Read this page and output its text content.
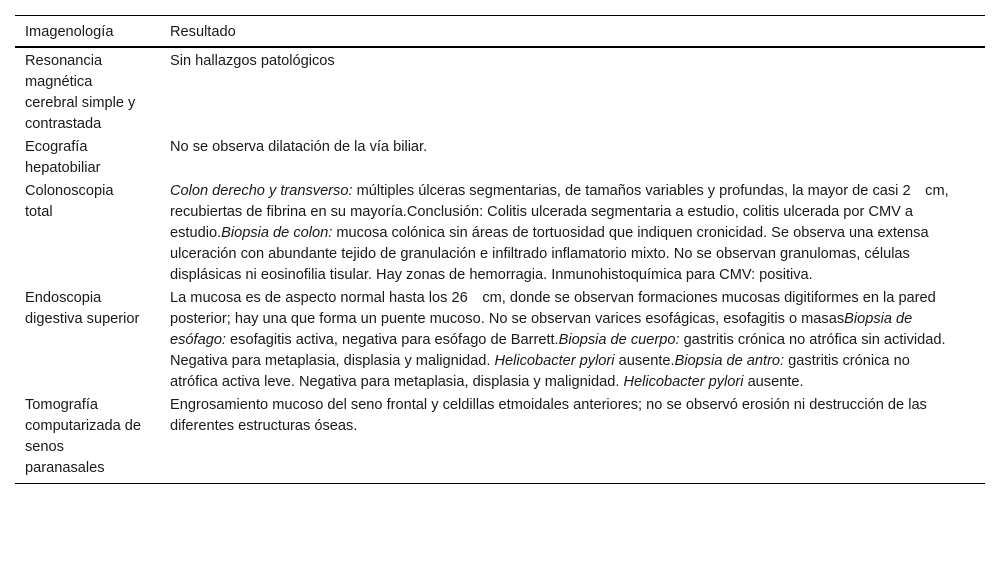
Imagenología	Resultado

Resonancia magnética cerebral simple y contrastada	Sin hallazgos patológicos

Ecografía hepatobiliar	No se observa dilatación de la vía biliar.

Colonoscopia total	Colon derecho y transverso: múltiples úlceras segmentarias, de tamaños variables y profundas, la mayor de casi 2 cm, recubiertas de fibrina en su mayoría.Conclusión: Colitis ulcerada segmentaria a estudio, colitis ulcerada por CMV a estudio.Biopsia de colon: mucosa colónica sin áreas de tortuosidad que indiquen cronicidad. Se observa una extensa ulceración con abundante tejido de granulación e infiltrado inflamatorio mixto. No se observan granulomas, células displásicas ni eosinofilia tisular. Hay zonas de hemorragia. Inmunohistoquímica para CMV: positiva.

Endoscopia digestiva superior	La mucosa es de aspecto normal hasta los 26 cm, donde se observan formaciones mucosas digitiformes en la pared posterior; hay una que forma un puente mucoso. No se observan varices esofágicas, esofagitis o masasBiopsia de esófago: esofagitis activa, negativa para esófago de Barrett.Biopsia de cuerpo: gastritis crónica no atrófica sin actividad. Negativa para metaplasia, displasia y malignidad. Helicobacter pylori ausente.Biopsia de antro: gastritis crónica no atrófica activa leve. Negativa para metaplasia, displasia y malignidad. Helicobacter pylori ausente.

Tomografía computarizada de senos paranasales	Engrosamiento mucoso del seno frontal y celdillas etmoidales anteriores; no se observó erosión ni destrucción de las diferentes estructuras óseas.
